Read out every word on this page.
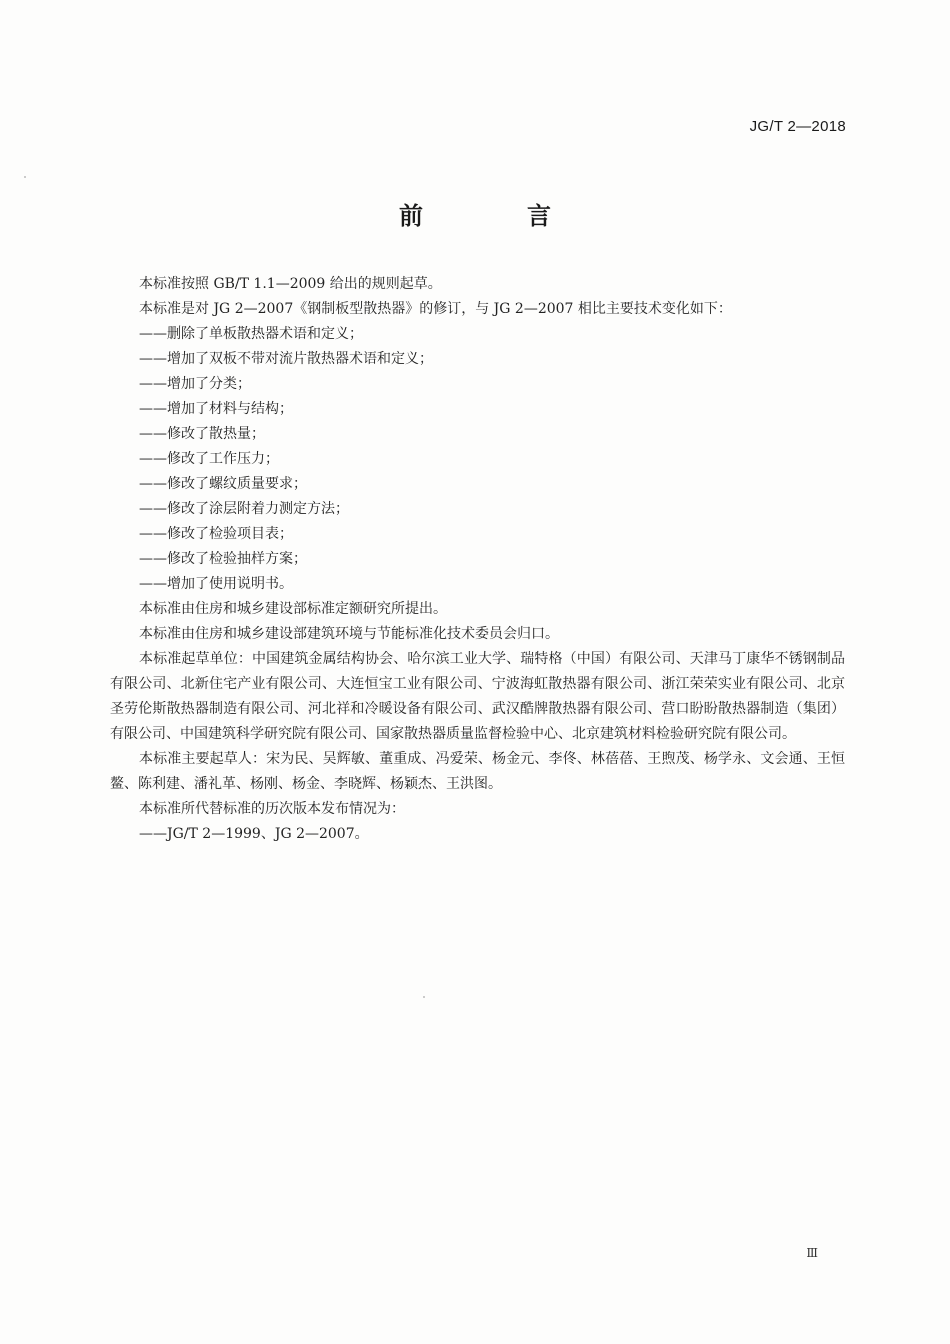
JG/T 2—2018
前　言

本标准按照 GB/T 1.1—2009 给出的规则起草。

本标准是对 JG 2—2007《钢制板型散热器》的修订，与 JG 2—2007 相比主要技术变化如下：

——删除了单板散热器术语和定义；

——增加了双板不带对流片散热器术语和定义；

——增加了分类；

——增加了材料与结构；

——修改了散热量；

——修改了工作压力；

——修改了螺纹质量要求；

——修改了涂层附着力测定方法；

——修改了检验项目表；

——修改了检验抽样方案；

——增加了使用说明书。

本标准由住房和城乡建设部标准定额研究所提出。

本标准由住房和城乡建设部建筑环境与节能标准化技术委员会归口。

本标准起草单位：中国建筑金属结构协会、哈尔滨工业大学、瑞特格（中国）有限公司、天津马丁康华不锈钢制品有限公司、北新住宅产业有限公司、大连恒宝工业有限公司、宁波海虹散热器有限公司、浙江荣荣实业有限公司、北京圣劳伦斯散热器制造有限公司、河北祥和冷暖设备有限公司、武汉酷牌散热器有限公司、营口盼盼散热器制造（集团）有限公司、中国建筑科学研究院有限公司、国家散热器质量监督检验中心、北京建筑材料检验研究院有限公司。

本标准主要起草人：宋为民、吴辉敏、董重成、冯爱荣、杨金元、李佟、林蓓蓓、王煦茂、杨学永、文会通、王恒鳌、陈利建、潘礼革、杨刚、杨金、李晓辉、杨颖杰、王洪图。

本标准所代替标准的历次版本发布情况为：

——JG/T 2—1999、JG 2—2007。

Ⅲ
